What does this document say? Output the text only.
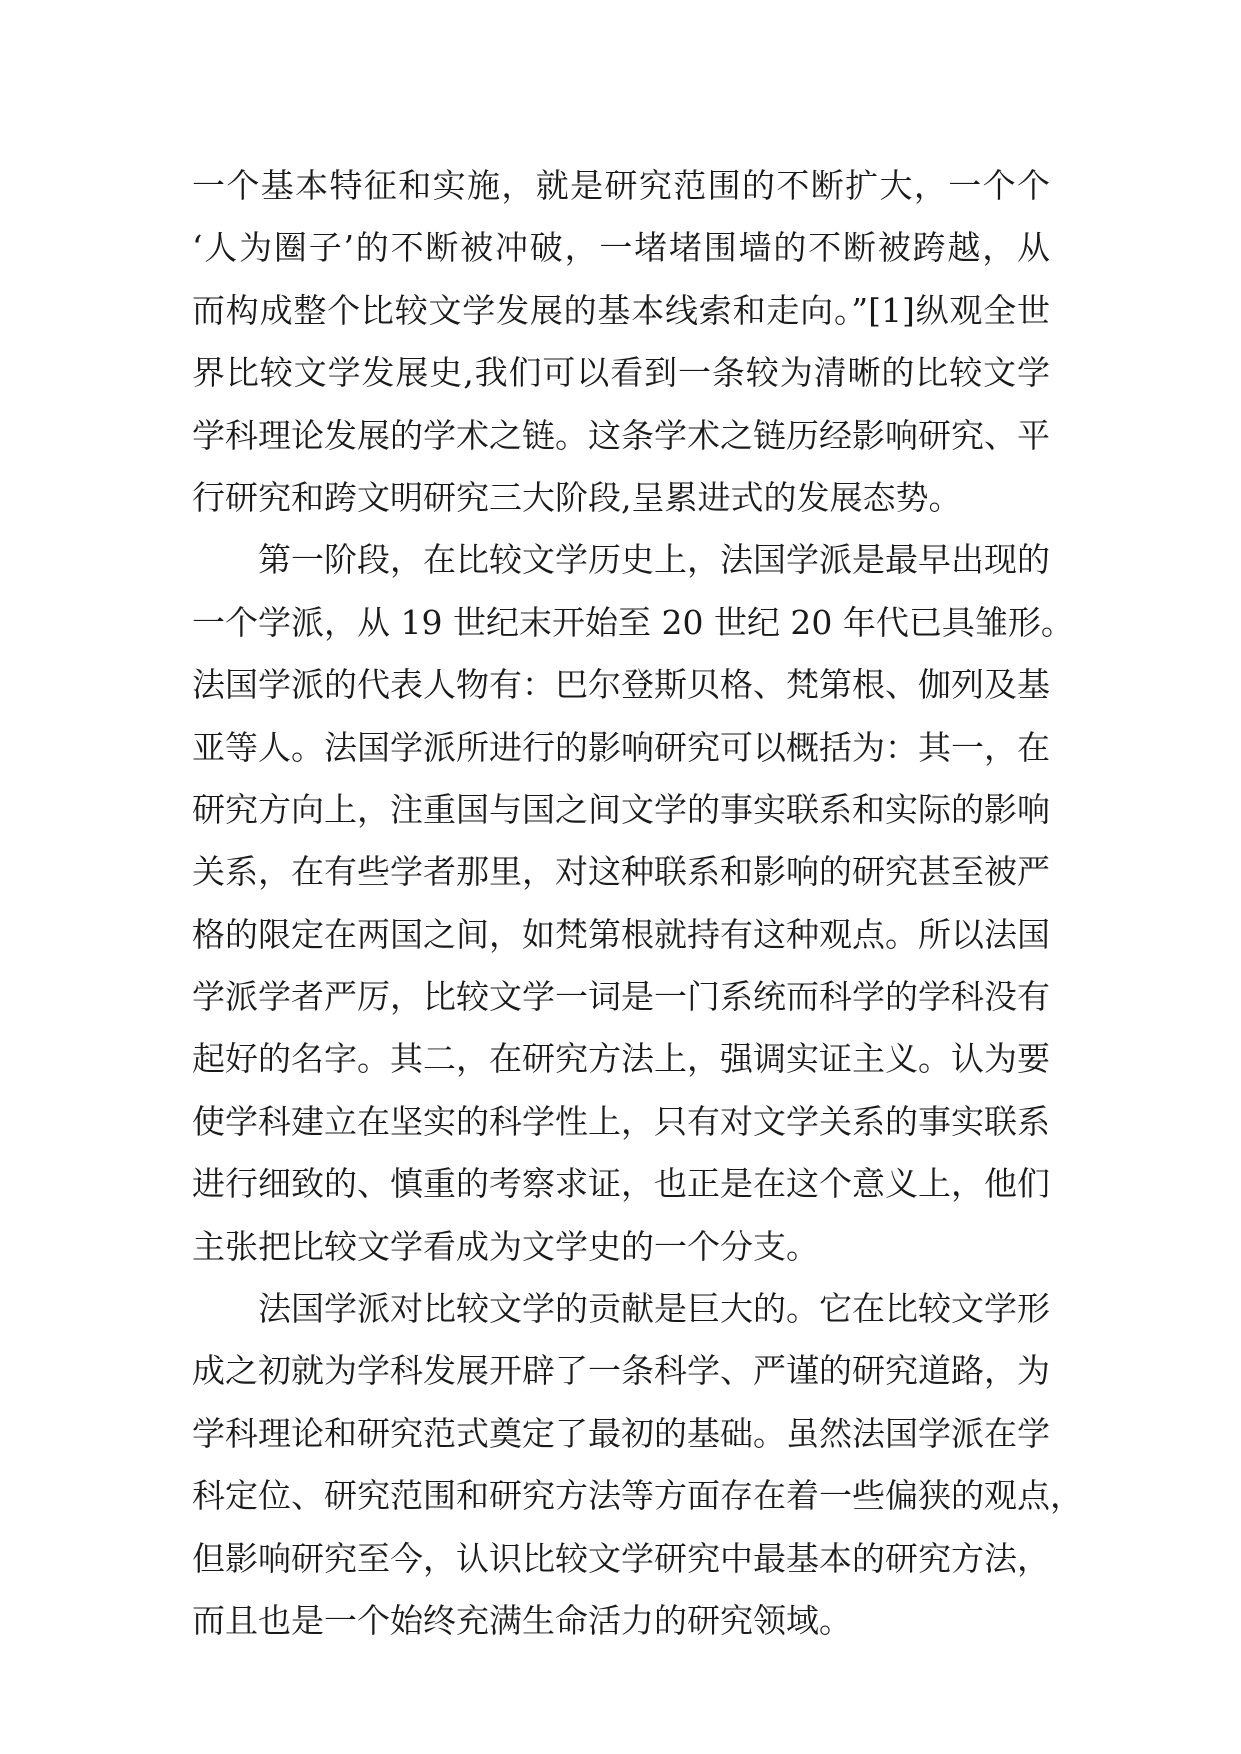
一个基本特征和实施，就是研究范围的不断扩大，一个个
‘人为圈子’的不断被冲破，一堵堵围墙的不断被跨越，从
而构成整个比较文学发展的基本线索和走向。”[1]纵观全世
界比较文学发展史,我们可以看到一条较为清晰的比较文学
学科理论发展的学术之链。这条学术之链历经影响研究、平
行研究和跨文明研究三大阶段,呈累进式的发展态势。
第一阶段，在比较文学历史上，法国学派是最早出现的
一个学派，从 19 世纪末开始至 20 世纪 20 年代已具雏形。
法国学派的代表人物有：巴尔登斯贝格、梵第根、伽列及基
亚等人。法国学派所进行的影响研究可以概括为：其一，在
研究方向上，注重国与国之间文学的事实联系和实际的影响
关系，在有些学者那里，对这种联系和影响的研究甚至被严
格的限定在两国之间，如梵第根就持有这种观点。所以法国
学派学者严厉，比较文学一词是一门系统而科学的学科没有
起好的名字。其二，在研究方法上，强调实证主义。认为要
使学科建立在坚实的科学性上，只有对文学关系的事实联系
进行细致的、慎重的考察求证，也正是在这个意义上，他们
主张把比较文学看成为文学史的一个分支。
法国学派对比较文学的贡献是巨大的。它在比较文学形
成之初就为学科发展开辟了一条科学、严谨的研究道路，为
学科理论和研究范式奠定了最初的基础。虽然法国学派在学
科定位、研究范围和研究方法等方面存在着一些偏狭的观点，
但影响研究至今，认识比较文学研究中最基本的研究方法，
而且也是一个始终充满生命活力的研究领域。
